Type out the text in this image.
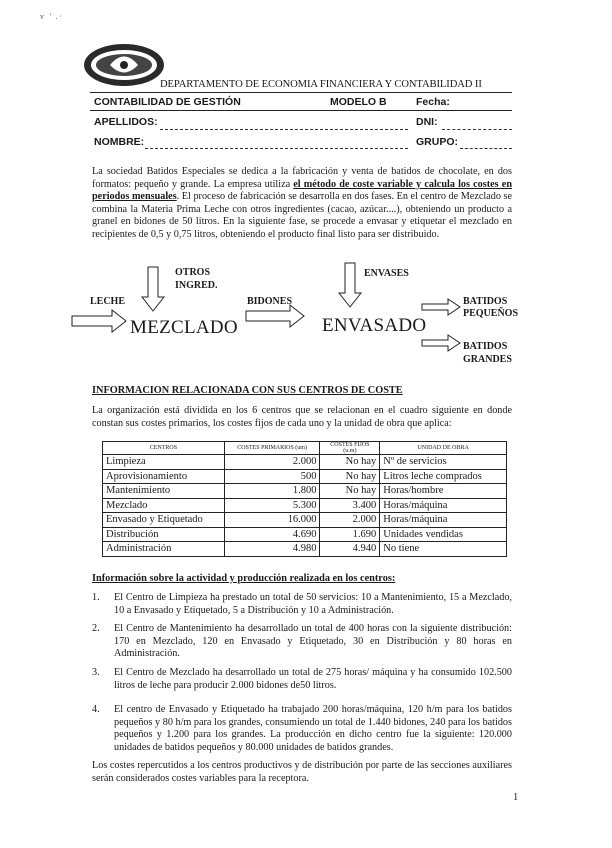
v   '  . ·
DEPARTAMENTO DE ECONOMIA FINANCIERA Y CONTABILIDAD II
CONTABILIDAD DE GESTIÓN	MODELO B	Fecha:
APELLIDOS:	DNI:
NOMBRE:	GRUPO:
La sociedad Batidos Especiales se dedica a la fabricación y venta de batidos de chocolate, en dos formatos: pequeño y grande. La empresa utiliza el método de coste variable y calcula los costes en periodos mensuales. El proceso de fabricación se desarrolla en dos fases. En el centro de Mezclado se combina la Materia Prima Leche con otros ingredientes (cacao, azúcar....), obteniendo un producto a granel en bidones de 50 litros. En la siguiente fase, se procede a envasar y etiquetar el mezclado en recipientes de 0,5 y 0,75 litros, obteniendo el producto final listo para ser distribuido.
OTROS
INGRED.
ENVASES
LECHE	BIDONES
MEZCLADO	ENVASADO
BATIDOS
PEQUEÑOS
BATIDOS
GRANDES
INFORMACION RELACIONADA CON SUS CENTROS DE COSTE
La organización está dividida en los 6 centros que se relacionan en el cuadro siguiente en donde constan sus costes primarios, los costes fijos de cada uno y la unidad de obra que aplica:
CENTROS	COSTES PRIMARIOS (um)	COSTES FIJOS (u.m)	UNIDAD DE OBRA
Limpieza	2.000	No hay	Nº de servicios
Aprovisionamiento	500	No hay	Litros leche comprados
Mantenimiento	1.800	No hay	Horas/hombre
Mezclado	5.300	3.400	Horas/máquina
Envasado y Etiquetado	16.000	2.000	Horas/máquina
Distribución	4.690	1.690	Unidades vendidas
Administración	4.980	4.940	No tiene
Información sobre la actividad y producción realizada en los centros:
1. El Centro de Limpieza ha prestado un total de 50 servicios: 10 a Mantenimiento, 15 a Mezclado, 10 a Envasado y Etiquetado, 5 a Distribución y 10 a Administración.
2. El Centro de Mantenimiento ha desarrollado un total de 400 horas con la siguiente distribución: 170 en Mezclado, 120 en Envasado y Etiquetado, 30 en Distribución y 80 horas en Administración.
3. El Centro de Mezclado ha desarrollado un total de 275 horas/ máquina y ha consumido 102.500 litros de leche para producir 2.000 bidones de50 litros.
4. El centro de Envasado y Etiquetado ha trabajado 200 horas/máquina, 120 h/m para los batidos pequeños y 80 h/m para los grandes, consumiendo un total de 1.440 bidones, 240 para los batidos pequeños y 1.200 para los grandes. La producción en dicho centro fue la siguiente: 120.000 unidades de batidos pequeños y 80.000 unidades de batidos grandes.
Los costes repercutidos a los centros productivos y de distribución por parte de las secciones auxiliares serán considerados costes variables para la receptora.
1
